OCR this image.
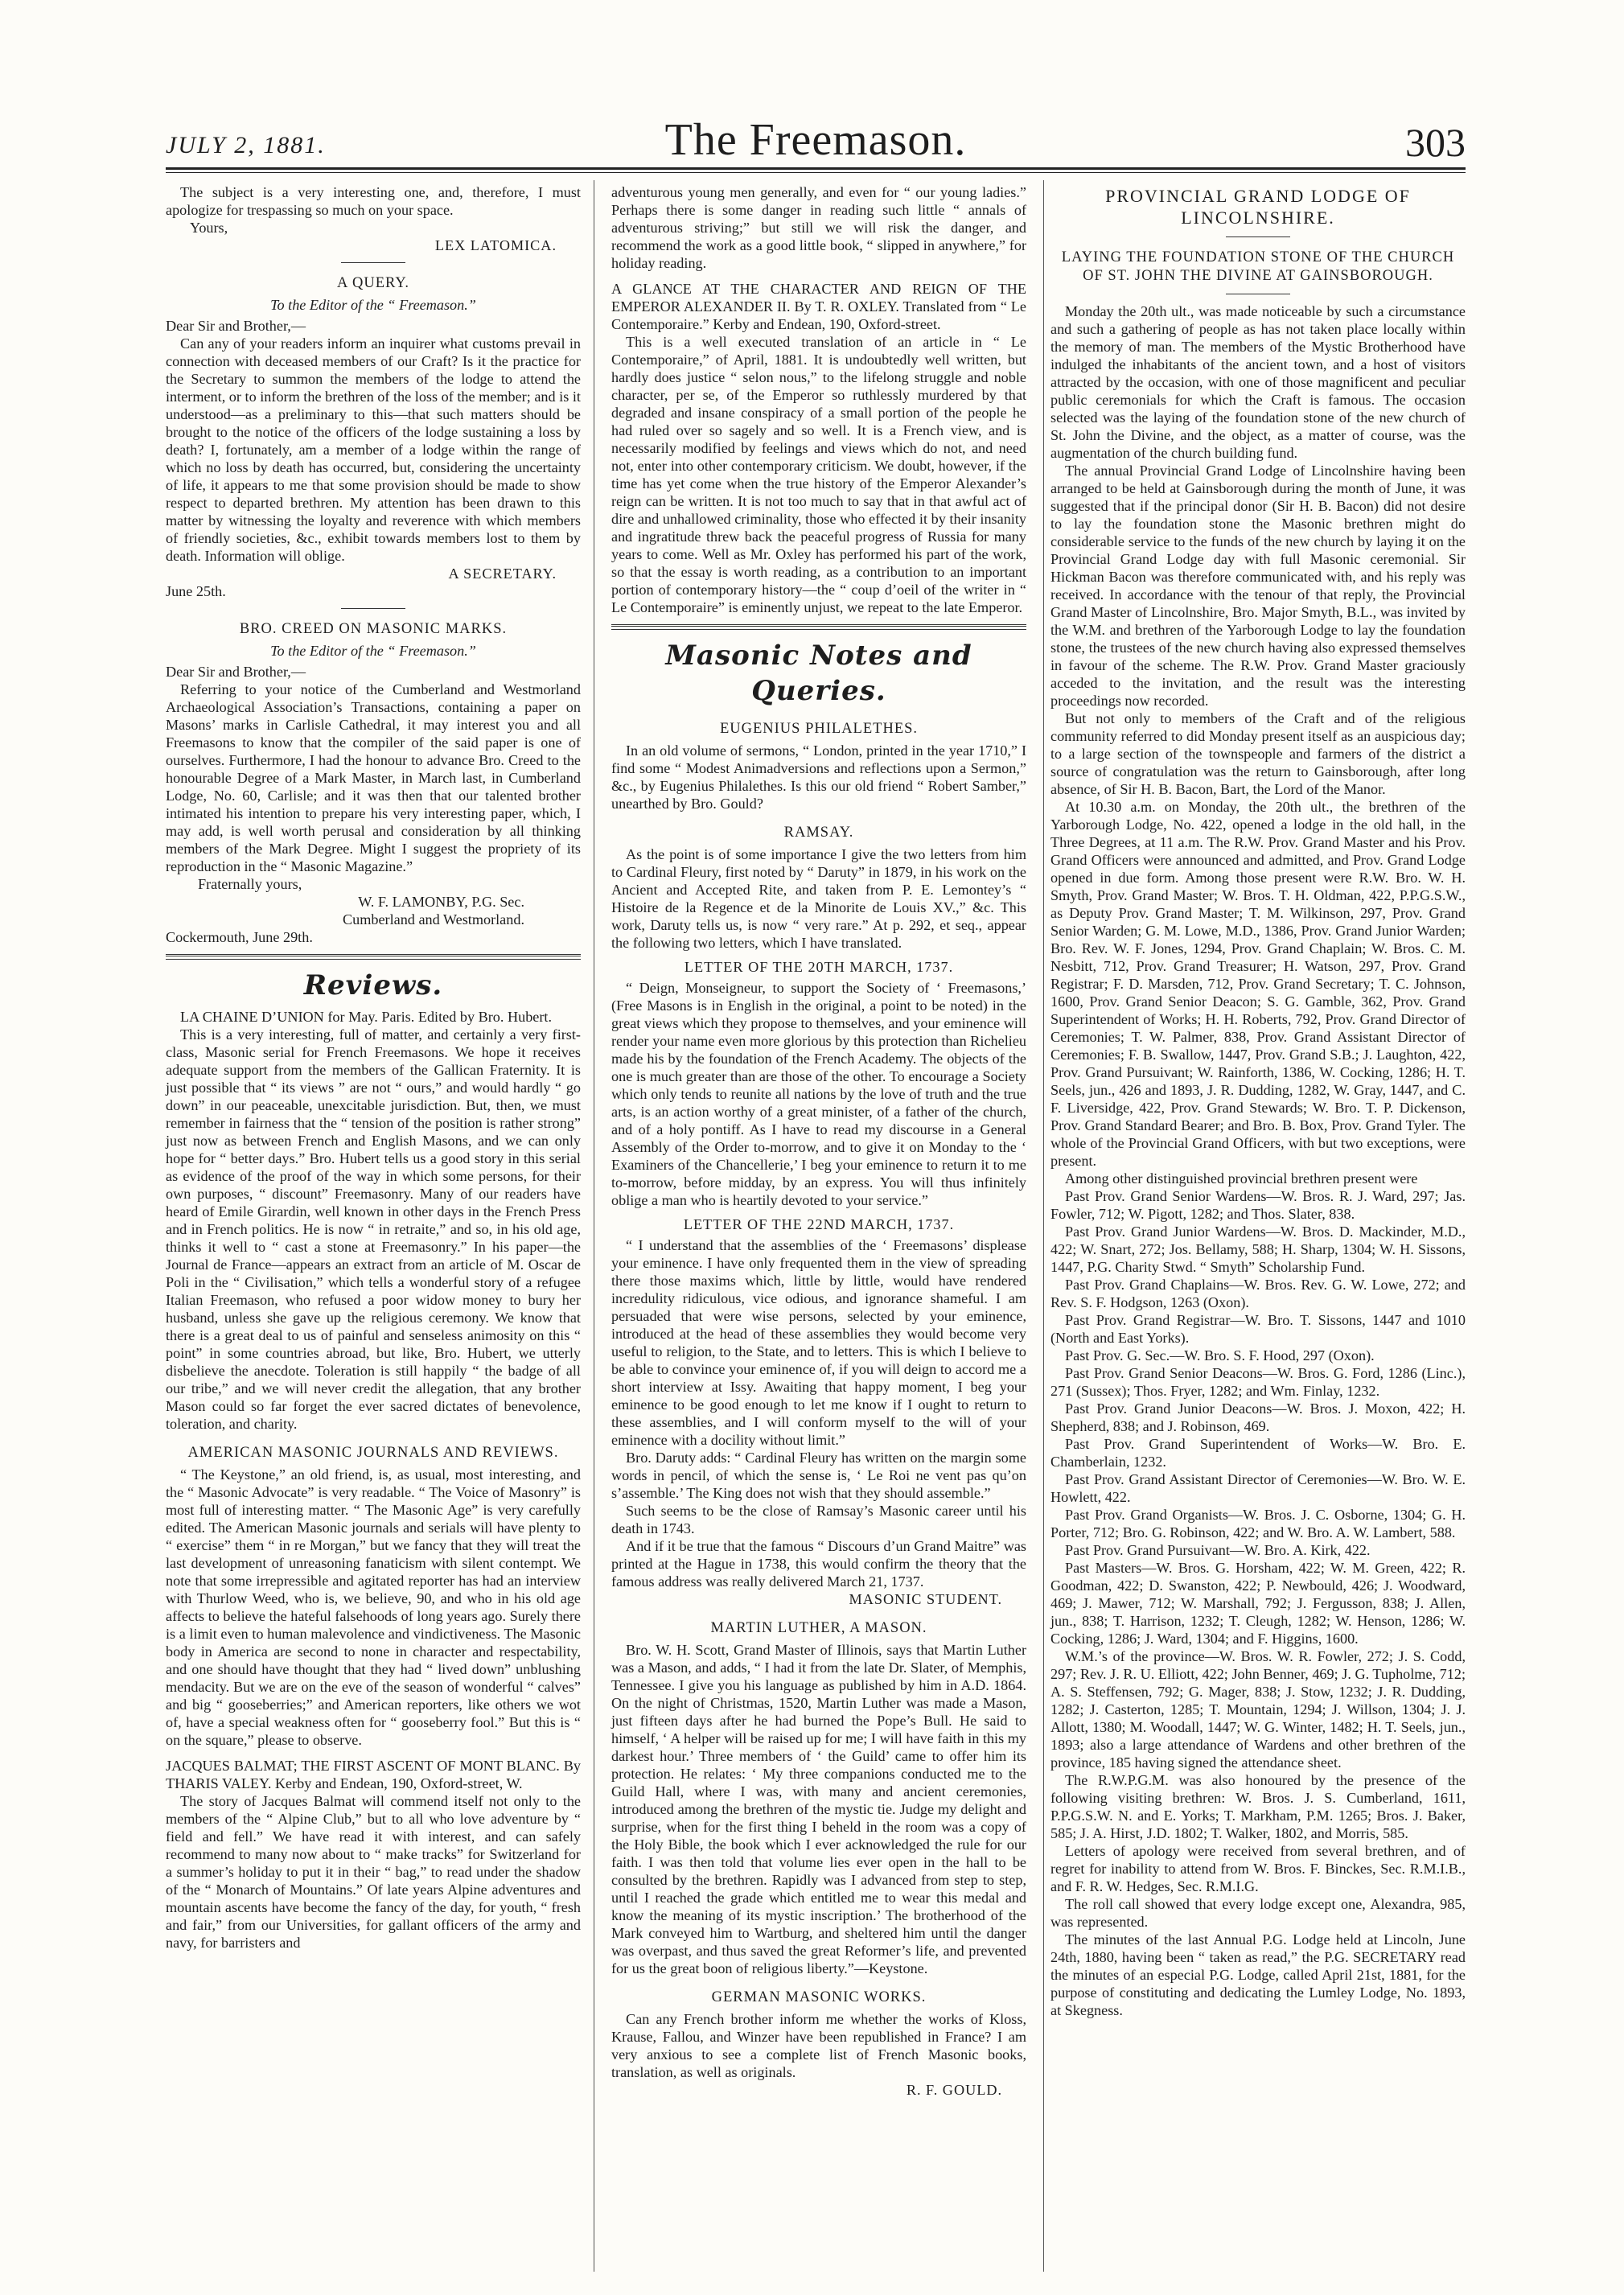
JULY 2, 1881.	The Freemason.	303

The subject is a very interesting one, and, therefore, I must apologize for trespassing so much on your space.

Yours,

LEX LATOMICA.
A QUERY.
To the Editor of the “ Freemason.”

Dear Sir and Brother,—

Can any of your readers inform an inquirer what customs prevail in connection with deceased members of our Craft? Is it the practice for the Secretary to summon the members of the lodge to attend the interment, or to inform the brethren of the loss of the member; and is it understood—as a preliminary to this—that such matters should be brought to the notice of the officers of the lodge sustaining a loss by death? I, fortunately, am a member of a lodge within the range of which no loss by death has occurred, but, considering the uncertainty of life, it appears to me that some provision should be made to show respect to departed brethren. My attention has been drawn to this matter by witnessing the loyalty and reverence with which members of friendly societies, &c., exhibit towards members lost to them by death. Information will oblige.

A SECRETARY.

June 25th.

BRO. CREED ON MASONIC MARKS.
To the Editor of the “ Freemason.”

Dear Sir and Brother,—

Referring to your notice of the Cumberland and Westmorland Archaeological Association’s Transactions, containing a paper on Masons’ marks in Carlisle Cathedral, it may interest you and all Freemasons to know that the compiler of the said paper is one of ourselves. Furthermore, I had the honour to advance Bro. Creed to the honourable Degree of a Mark Master, in March last, in Cumberland Lodge, No. 60, Carlisle; and it was then that our talented brother intimated his intention to prepare his very interesting paper, which, I may add, is well worth perusal and consideration by all thinking members of the Mark Degree. Might I suggest the propriety of its reproduction in the “ Masonic Magazine.”

Fraternally yours,

W. F. LAMONBY, P.G. Sec.
Cumberland and Westmorland.

Cockermouth, June 29th.

Reviews.

LA CHAINE D’UNION for May. Paris. Edited by Bro. Hubert.

This is a very interesting, full of matter, and certainly a very first-class, Masonic serial for French Freemasons. We hope it receives adequate support from the members of the Gallican Fraternity. It is just possible that “ its views ” are not “ ours,” and would hardly “ go down” in our peaceable, unexcitable jurisdiction. But, then, we must remember in fairness that the “ tension of the position is rather strong” just now as between French and English Masons, and we can only hope for “ better days.” Bro. Hubert tells us a good story in this serial as evidence of the proof of the way in which some persons, for their own purposes, “ discount” Freemasonry. Many of our readers have heard of Emile Girardin, well known in other days in the French Press and in French politics. He is now “ in retraite,” and so, in his old age, thinks it well to “ cast a stone at Freemasonry.” In his paper—the Journal de France—appears an extract from an article of M. Oscar de Poli in the “ Civilisation,” which tells a wonderful story of a refugee Italian Freemason, who refused a poor widow money to bury her husband, unless she gave up the religious ceremony. We know that there is a great deal to us of painful and senseless animosity on this “ point” in some countries abroad, but like, Bro. Hubert, we utterly disbelieve the anecdote. Toleration is still happily “ the badge of all our tribe,” and we will never credit the allegation, that any brother Mason could so far forget the ever sacred dictates of benevolence, toleration, and charity.

AMERICAN MASONIC JOURNALS AND REVIEWS.

“ The Keystone,” an old friend, is, as usual, most interesting, and the “ Masonic Advocate” is very readable. “ The Voice of Masonry” is most full of interesting matter. “ The Masonic Age” is very carefully edited. The American Masonic journals and serials will have plenty to “ exercise” them “ in re Morgan,” but we fancy that they will treat the last development of unreasoning fanaticism with silent contempt. We note that some irrepressible and agitated reporter has had an interview with Thurlow Weed, who is, we believe, 90, and who in his old age affects to believe the hateful falsehoods of long years ago. Surely there is a limit even to human malevolence and vindictiveness. The Masonic body in America are second to none in character and respectability, and one should have thought that they had “ lived down” unblushing mendacity. But we are on the eve of the season of wonderful “ calves” and big “ gooseberries;” and American reporters, like others we wot of, have a special weakness often for “ gooseberry fool.” But this is “ on the square,” please to observe.

JACQUES BALMAT; THE FIRST ASCENT OF MONT BLANC. By THARIS VALEY. Kerby and Endean, 190, Oxford-street, W.

The story of Jacques Balmat will commend itself not only to the members of the “ Alpine Club,” but to all who love adventure by “ field and fell.” We have read it with interest, and can safely recommend to many now about to “ make tracks” for Switzerland for a summer’s holiday to put it in their “ bag,” to read under the shadow of the “ Monarch of Mountains.” Of late years Alpine adventures and mountain ascents have become the fancy of the day, for youth, “ fresh and fair,” from our Universities, for gallant officers of the army and navy, for barristers and

adventurous young men generally, and even for “ our young ladies.” Perhaps there is some danger in reading such little “ annals of adventurous striving;” but still we will risk the danger, and recommend the work as a good little book, “ slipped in anywhere,” for holiday reading.

A GLANCE AT THE CHARACTER AND REIGN OF THE EMPEROR ALEXANDER II. By T. R. OXLEY. Translated from “ Le Contemporaire.” Kerby and Endean, 190, Oxford-street.

This is a well executed translation of an article in “ Le Contemporaire,” of April, 1881. It is undoubtedly well written, but hardly does justice “ selon nous,” to the lifelong struggle and noble character, per se, of the Emperor so ruthlessly murdered by that degraded and insane conspiracy of a small portion of the people he had ruled over so sagely and so well. It is a French view, and is necessarily modified by feelings and views which do not, and need not, enter into other contemporary criticism. We doubt, however, if the time has yet come when the true history of the Emperor Alexander’s reign can be written. It is not too much to say that in that awful act of dire and unhallowed criminality, those who effected it by their insanity and ingratitude threw back the peaceful progress of Russia for many years to come. Well as Mr. Oxley has performed his part of the work, so that the essay is worth reading, as a contribution to an important portion of contemporary history—the “ coup d’oeil of the writer in “ Le Contemporaire” is eminently unjust, we repeat to the late Emperor.

Masonic Notes and Queries.
EUGENIUS PHILALETHES.

In an old volume of sermons, “ London, printed in the year 1710,” I find some “ Modest Animadversions and reflections upon a Sermon,” &c., by Eugenius Philalethes. Is this our old friend “ Robert Samber,” unearthed by Bro. Gould?

RAMSAY.

As the point is of some importance I give the two letters from him to Cardinal Fleury, first noted by “ Daruty” in 1879, in his work on the Ancient and Accepted Rite, and taken from P. E. Lemontey’s “ Histoire de la Regence et de la Minorite de Louis XV.,” &c. This work, Daruty tells us, is now “ very rare.” At p. 292, et seq., appear the following two letters, which I have translated.

LETTER OF THE 20TH MARCH, 1737.

“ Deign, Monseigneur, to support the Society of ‘ Freemasons,’ (Free Masons is in English in the original, a point to be noted) in the great views which they propose to themselves, and your eminence will render your name even more glorious by this protection than Richelieu made his by the foundation of the French Academy. The objects of the one is much greater than are those of the other. To encourage a Society which only tends to reunite all nations by the love of truth and the true arts, is an action worthy of a great minister, of a father of the church, and of a holy pontiff. As I have to read my discourse in a General Assembly of the Order to-morrow, and to give it on Monday to the ‘ Examiners of the Chancellerie,’ I beg your eminence to return it to me to-morrow, before midday, by an express. You will thus infinitely oblige a man who is heartily devoted to your service.”

LETTER OF THE 22ND MARCH, 1737.

“ I understand that the assemblies of the ‘ Freemasons’ displease your eminence. I have only frequented them in the view of spreading there those maxims which, little by little, would have rendered incredulity ridiculous, vice odious, and ignorance shameful. I am persuaded that were wise persons, selected by your eminence, introduced at the head of these assemblies they would become very useful to religion, to the State, and to letters. This is which I believe to be able to convince your eminence of, if you will deign to accord me a short interview at Issy. Awaiting that happy moment, I beg your eminence to be good enough to let me know if I ought to return to these assemblies, and I will conform myself to the will of your eminence with a docility without limit.”

Bro. Daruty adds: “ Cardinal Fleury has written on the margin some words in pencil, of which the sense is, ‘ Le Roi ne vent pas qu’on s’assemble.’ The King does not wish that they should assemble.”

Such seems to be the close of Ramsay’s Masonic career until his death in 1743.

And if it be true that the famous “ Discours d’un Grand Maitre” was printed at the Hague in 1738, this would confirm the theory that the famous address was really delivered March 21, 1737.

MASONIC STUDENT.
MARTIN LUTHER, A MASON.

Bro. W. H. Scott, Grand Master of Illinois, says that Martin Luther was a Mason, and adds, “ I had it from the late Dr. Slater, of Memphis, Tennessee. I give you his language as published by him in A.D. 1864. On the night of Christmas, 1520, Martin Luther was made a Mason, just fifteen days after he had burned the Pope’s Bull. He said to himself, ‘ A helper will be raised up for me; I will have faith in this my darkest hour.’ Three members of ‘ the Guild’ came to offer him its protection. He relates: ‘ My three companions conducted me to the Guild Hall, where I was, with many and ancient ceremonies, introduced among the brethren of the mystic tie. Judge my delight and surprise, when for the first thing I beheld in the room was a copy of the Holy Bible, the book which I ever acknowledged the rule for our faith. I was then told that volume lies ever open in the hall to be consulted by the brethren. Rapidly was I advanced from step to step, until I reached the grade which entitled me to wear this medal and know the meaning of its mystic inscription.’ The brotherhood of the Mark conveyed him to Wartburg, and sheltered him until the danger was overpast, and thus saved the great Reformer’s life, and prevented for us the great boon of religious liberty.”—Keystone.

GERMAN MASONIC WORKS.

Can any French brother inform me whether the works of Kloss, Krause, Fallou, and Winzer have been republished in France? I am very anxious to see a complete list of French Masonic books, translation, as well as originals.

R. F. GOULD.
PROVINCIAL GRAND LODGE OF LINCOLNSHIRE.
LAYING THE FOUNDATION STONE OF THE CHURCH OF ST. JOHN THE DIVINE AT GAINSBOROUGH.

Monday the 20th ult., was made noticeable by such a circumstance and such a gathering of people as has not taken place locally within the memory of man. The members of the Mystic Brotherhood have indulged the inhabitants of the ancient town, and a host of visitors attracted by the occasion, with one of those magnificent and peculiar public ceremonials for which the Craft is famous. The occasion selected was the laying of the foundation stone of the new church of St. John the Divine, and the object, as a matter of course, was the augmentation of the church building fund.

The annual Provincial Grand Lodge of Lincolnshire having been arranged to be held at Gainsborough during the month of June, it was suggested that if the principal donor (Sir H. B. Bacon) did not desire to lay the foundation stone the Masonic brethren might do considerable service to the funds of the new church by laying it on the Provincial Grand Lodge day with full Masonic ceremonial. Sir Hickman Bacon was therefore communicated with, and his reply was received. In accordance with the tenour of that reply, the Provincial Grand Master of Lincolnshire, Bro. Major Smyth, B.L., was invited by the W.M. and brethren of the Yarborough Lodge to lay the foundation stone, the trustees of the new church having also expressed themselves in favour of the scheme. The R.W. Prov. Grand Master graciously acceded to the invitation, and the result was the interesting proceedings now recorded.

But not only to members of the Craft and of the religious community referred to did Monday present itself as an auspicious day; to a large section of the townspeople and farmers of the district a source of congratulation was the return to Gainsborough, after long absence, of Sir H. B. Bacon, Bart, the Lord of the Manor.

At 10.30 a.m. on Monday, the 20th ult., the brethren of the Yarborough Lodge, No. 422, opened a lodge in the old hall, in the Three Degrees, at 11 a.m. The R.W. Prov. Grand Master and his Prov. Grand Officers were announced and admitted, and Prov. Grand Lodge opened in due form. Among those present were R.W. Bro. W. H. Smyth, Prov. Grand Master; W. Bros. T. H. Oldman, 422, P.P.G.S.W., as Deputy Prov. Grand Master; T. M. Wilkinson, 297, Prov. Grand Senior Warden; G. M. Lowe, M.D., 1386, Prov. Grand Junior Warden; Bro. Rev. W. F. Jones, 1294, Prov. Grand Chaplain; W. Bros. C. M. Nesbitt, 712, Prov. Grand Treasurer; H. Watson, 297, Prov. Grand Registrar; F. D. Marsden, 712, Prov. Grand Secretary; T. C. Johnson, 1600, Prov. Grand Senior Deacon; S. G. Gamble, 362, Prov. Grand Superintendent of Works; H. H. Roberts, 792, Prov. Grand Director of Ceremonies; T. W. Palmer, 838, Prov. Grand Assistant Director of Ceremonies; F. B. Swallow, 1447, Prov. Grand S.B.; J. Laughton, 422, Prov. Grand Pursuivant; W. Rainforth, 1386, W. Cocking, 1286; H. T. Seels, jun., 426 and 1893, J. R. Dudding, 1282, W. Gray, 1447, and C. F. Liversidge, 422, Prov. Grand Stewards; W. Bro. T. P. Dickenson, Prov. Grand Standard Bearer; and Bro. B. Box, Prov. Grand Tyler. The whole of the Provincial Grand Officers, with but two exceptions, were present.

Among other distinguished provincial brethren present were

Past Prov. Grand Senior Wardens—W. Bros. R. J. Ward, 297; Jas. Fowler, 712; W. Pigott, 1282; and Thos. Slater, 838.

Past Prov. Grand Junior Wardens—W. Bros. D. Mackinder, M.D., 422; W. Snart, 272; Jos. Bellamy, 588; H. Sharp, 1304; W. H. Sissons, 1447, P.G. Charity Stwd. “ Smyth” Scholarship Fund.

Past Prov. Grand Chaplains—W. Bros. Rev. G. W. Lowe, 272; and Rev. S. F. Hodgson, 1263 (Oxon).

Past Prov. Grand Registrar—W. Bro. T. Sissons, 1447 and 1010 (North and East Yorks).

Past Prov. G. Sec.—W. Bro. S. F. Hood, 297 (Oxon).

Past Prov. Grand Senior Deacons—W. Bros. G. Ford, 1286 (Linc.), 271 (Sussex); Thos. Fryer, 1282; and Wm. Finlay, 1232.

Past Prov. Grand Junior Deacons—W. Bros. J. Moxon, 422; H. Shepherd, 838; and J. Robinson, 469.

Past Prov. Grand Superintendent of Works—W. Bro. E. Chamberlain, 1232.

Past Prov. Grand Assistant Director of Ceremonies—W. Bro. W. E. Howlett, 422.

Past Prov. Grand Organists—W. Bros. J. C. Osborne, 1304; G. H. Porter, 712; Bro. G. Robinson, 422; and W. Bro. A. W. Lambert, 588.

Past Prov. Grand Pursuivant—W. Bro. A. Kirk, 422.

Past Masters—W. Bros. G. Horsham, 422; W. M. Green, 422; R. Goodman, 422; D. Swanston, 422; P. Newbould, 426; J. Woodward, 469; J. Mawer, 712; W. Marshall, 792; J. Fergusson, 838; J. Allen, jun., 838; T. Harrison, 1232; T. Cleugh, 1282; W. Henson, 1286; W. Cocking, 1286; J. Ward, 1304; and F. Higgins, 1600.

W.M.’s of the province—W. Bros. W. R. Fowler, 272; J. S. Codd, 297; Rev. J. R. U. Elliott, 422; John Benner, 469; J. G. Tupholme, 712; A. S. Steffensen, 792; G. Mager, 838; J. Stow, 1232; J. R. Dudding, 1282; J. Casterton, 1285; T. Mountain, 1294; J. Willson, 1304; J. J. Allott, 1380; M. Woodall, 1447; W. G. Winter, 1482; H. T. Seels, jun., 1893; also a large attendance of Wardens and other brethren of the province, 185 having signed the attendance sheet.

The R.W.P.G.M. was also honoured by the presence of the following visiting brethren: W. Bros. J. S. Cumberland, 1611, P.P.G.S.W. N. and E. Yorks; T. Markham, P.M. 1265; Bros. J. Baker, 585; J. A. Hirst, J.D. 1802; T. Walker, 1802, and Morris, 585.

Letters of apology were received from several brethren, and of regret for inability to attend from W. Bros. F. Binckes, Sec. R.M.I.B., and F. R. W. Hedges, Sec. R.M.I.G.

The roll call showed that every lodge except one, Alexandra, 985, was represented.

The minutes of the last Annual P.G. Lodge held at Lincoln, June 24th, 1880, having been “ taken as read,” the P.G. SECRETARY read the minutes of an especial P.G. Lodge, called April 21st, 1881, for the purpose of constituting and dedicating the Lumley Lodge, No. 1893, at Skegness.
